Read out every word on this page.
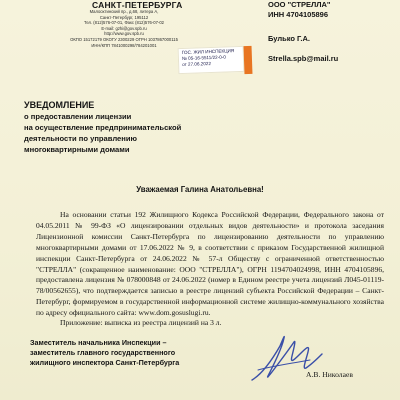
САНКТ-ПЕТЕРБУРГА
Малоохтинский пр., д.68, литера А,
Санкт-Петербург, 195112
Тел. (812)576-07-01, Факс (812)576-07-02
E-mail: gzhi@gov.spb.ru
http://www.gov.spb.ru
ОКПО 15172179 ОКОГУ 2300229 ОГРН 1037867000115
ИНН/КПП 7841000298/784201001
ГОС. ЖИЛ ИНСПЕКЦИЯ
№ 05-16-5511/22-0-0
от 27.06.2022
ООО "СТРЕЛЛА"
ИНН 4704105896
Булько Г.А.
Strella.spb@mail.ru
УВЕДОМЛЕНИЕ
о предоставлении лицензии
на осуществление предпринимательской
деятельности по управлению
многоквартирными домами
Уважаемая Галина Анатольевна!
На основании статьи 192 Жилищного Кодекса Российской Федерации, Федерального закона от 04.05.2011 № 99-ФЗ «О лицензировании отдельных видов деятельности» и протокола заседания Лицензионной комиссии Санкт-Петербурга по лицензированию деятельности по управлению многоквартирными домами от 17.06.2022 № 9, в соответствии с приказом Государственной жилищной инспекции Санкт-Петербурга от 24.06.2022 № 57-л Обществу с ограниченной ответственностью "СТРЕЛЛА" (сокращенное наименование: ООО "СТРЕЛЛА"), ОГРН 1194704024998, ИНН 4704105896, предоставлена лицензия № 078000848 от 24.06.2022 (номер в Едином реестре учета лицензий Л045-01119-78/00562655), что подтверждается записью в реестре лицензий субъекта Российской Федерации – Санкт-Петербург, формируемом в государственной информационной системе жилищно-коммунального хозяйства по адресу официального сайта: www.dom.gosuslugi.ru.
Приложение: выписка из реестра лицензий на 3 л.
Заместитель начальника Инспекции –
заместитель главного государственного
жилищного инспектора Санкт-Петербурга
А.В. Николаев
